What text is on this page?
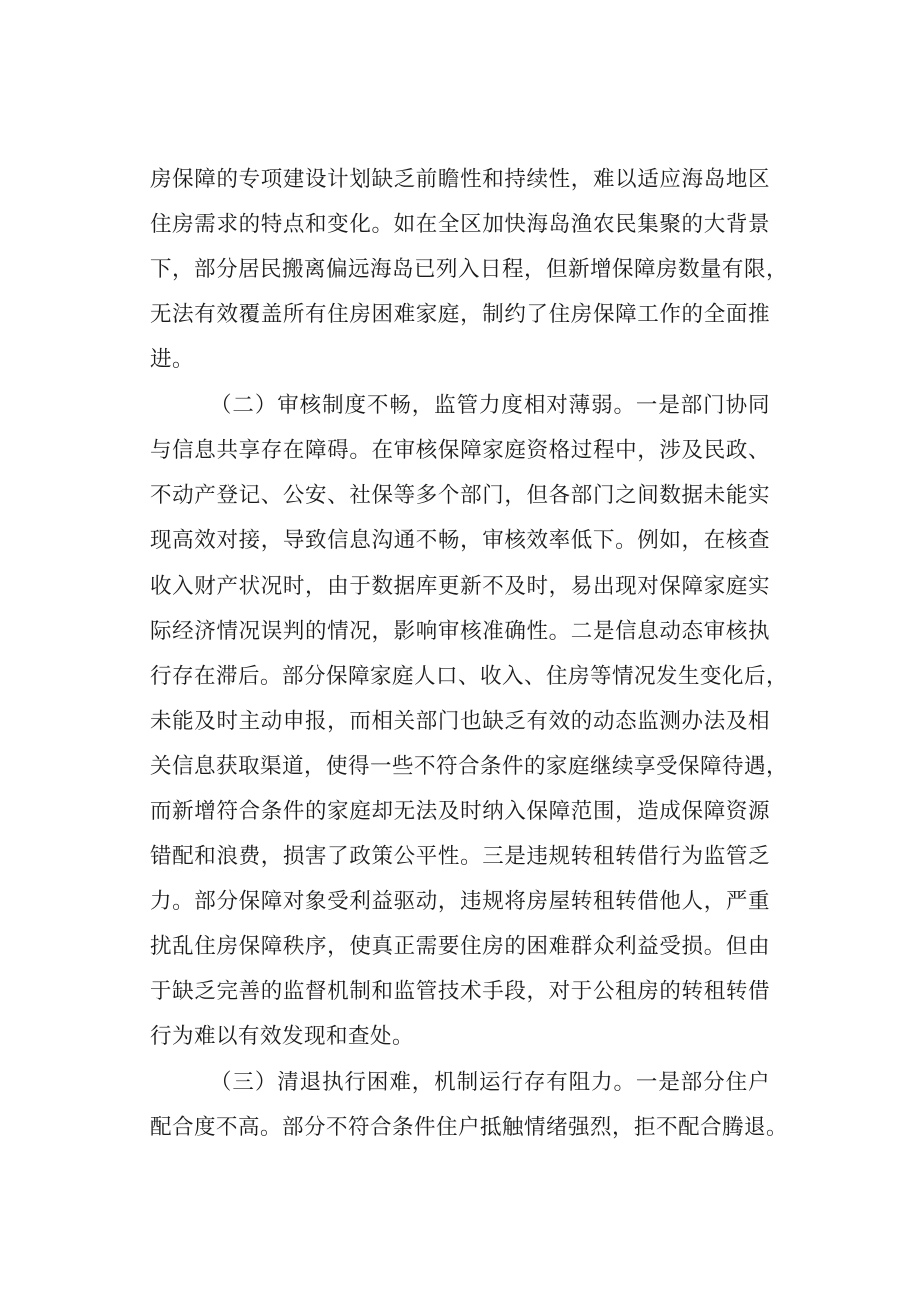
房保障的专项建设计划缺乏前瞻性和持续性，难以适应海岛地区
住房需求的特点和变化。如在全区加快海岛渔农民集聚的大背景
下，部分居民搬离偏远海岛已列入日程，但新增保障房数量有限，
无法有效覆盖所有住房困难家庭，制约了住房保障工作的全面推
进。
（二）审核制度不畅，监管力度相对薄弱。一是部门协同
与信息共享存在障碍。在审核保障家庭资格过程中，涉及民政、
不动产登记、公安、社保等多个部门，但各部门之间数据未能实
现高效对接，导致信息沟通不畅，审核效率低下。例如，在核查
收入财产状况时，由于数据库更新不及时，易出现对保障家庭实
际经济情况误判的情况，影响审核准确性。二是信息动态审核执
行存在滞后。部分保障家庭人口、收入、住房等情况发生变化后，
未能及时主动申报，而相关部门也缺乏有效的动态监测办法及相
关信息获取渠道，使得一些不符合条件的家庭继续享受保障待遇，
而新增符合条件的家庭却无法及时纳入保障范围，造成保障资源
错配和浪费，损害了政策公平性。三是违规转租转借行为监管乏
力。部分保障对象受利益驱动，违规将房屋转租转借他人，严重
扰乱住房保障秩序，使真正需要住房的困难群众利益受损。但由
于缺乏完善的监督机制和监管技术手段，对于公租房的转租转借
行为难以有效发现和查处。
（三）清退执行困难，机制运行存有阻力。一是部分住户
配合度不高。部分不符合条件住户抵触情绪强烈，拒不配合腾退。
